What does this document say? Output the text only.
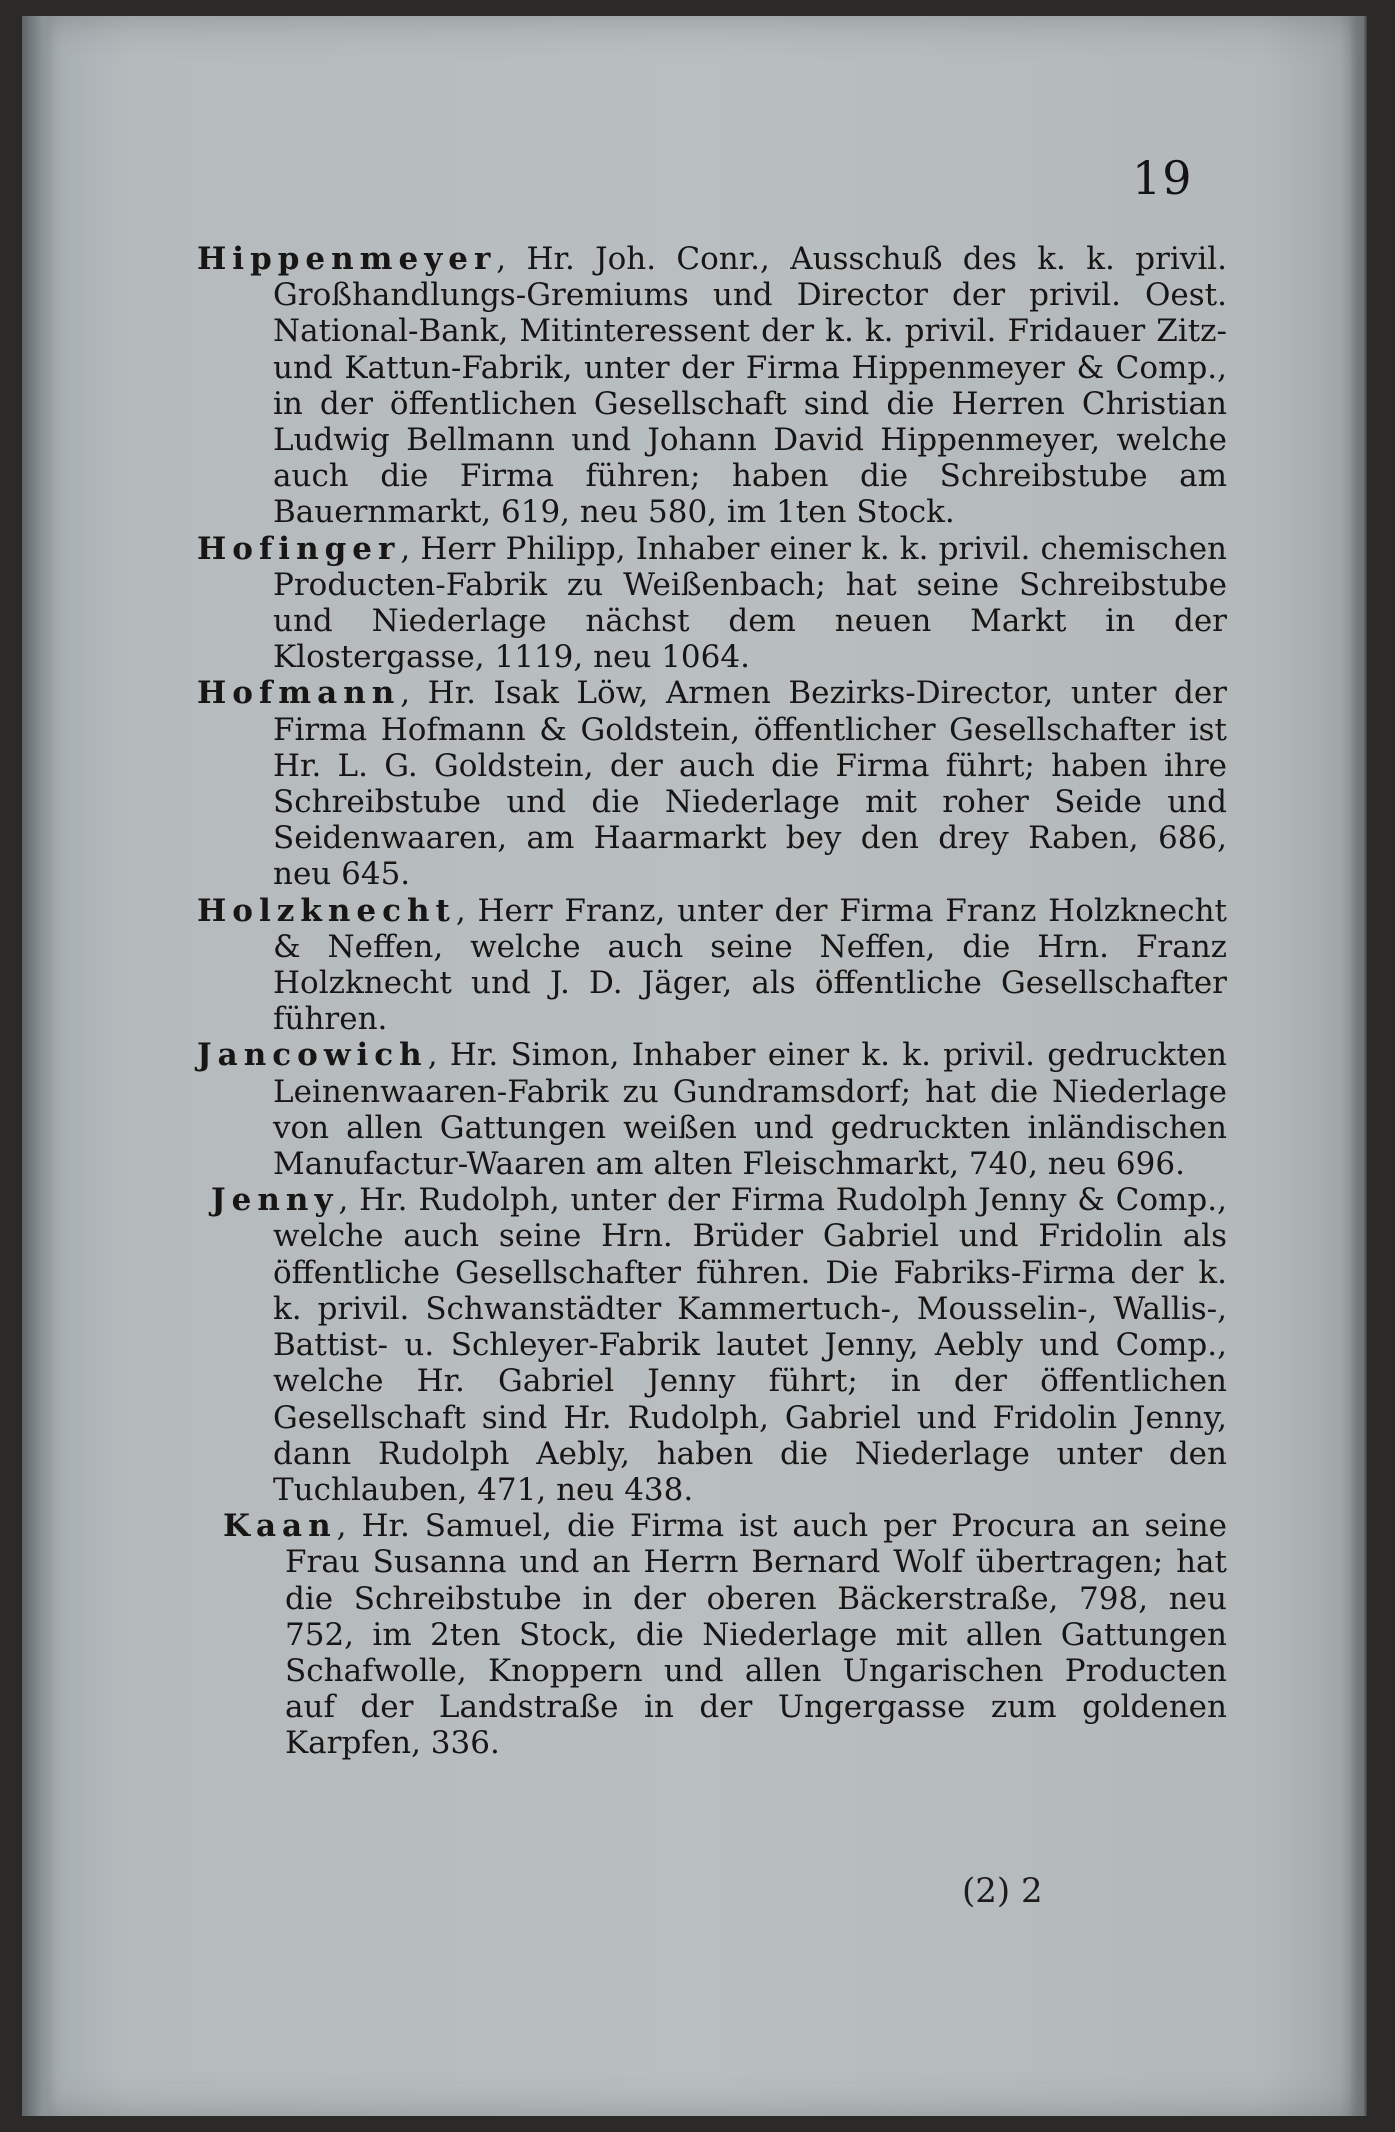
19

Hippenmeyer, Hr. Joh. Conr., Ausschuß des k. k. privil. Großhandlungs-Gremiums und Director der privil. Oest. National-Bank, Mitinteressent der k. k. privil. Fridauer Zitz- und Kattun-Fabrik, unter der Firma Hippenmeyer & Comp., in der öffentlichen Gesellschaft sind die Herren Christian Ludwig Bellmann und Johann David Hippenmeyer, welche auch die Firma führen; haben die Schreibstube am Bauernmarkt, 619, neu 580, im 1ten Stock.

Hofinger, Herr Philipp, Inhaber einer k. k. privil. chemischen Producten-Fabrik zu Weißenbach; hat seine Schreibstube und Niederlage nächst dem neuen Markt in der Klostergasse, 1119, neu 1064.

Hofmann, Hr. Isak Löw, Armen Bezirks-Director, unter der Firma Hofmann & Goldstein, öffentlicher Gesellschafter ist Hr. L. G. Goldstein, der auch die Firma führt; haben ihre Schreibstube und die Niederlage mit roher Seide und Seidenwaaren, am Haarmarkt bey den drey Raben, 686, neu 645.

Holzknecht, Herr Franz, unter der Firma Franz Holzknecht & Neffen, welche auch seine Neffen, die Hrn. Franz Holzknecht und J. D. Jäger, als öffentliche Gesellschafter führen.

Jancowich, Hr. Simon, Inhaber einer k. k. privil. gedruckten Leinenwaaren-Fabrik zu Gundramsdorf; hat die Niederlage von allen Gattungen weißen und gedruckten inländischen Manufactur-Waaren am alten Fleischmarkt, 740, neu 696.

Jenny, Hr. Rudolph, unter der Firma Rudolph Jenny & Comp., welche auch seine Hrn. Brüder Gabriel und Fridolin als öffentliche Gesellschafter führen. Die Fabriks-Firma der k. k. privil. Schwanstädter Kammertuch-, Mousselin-, Wallis-, Battist- u. Schleyer-Fabrik lautet Jenny, Aebly und Comp., welche Hr. Gabriel Jenny führt; in der öffentlichen Gesellschaft sind Hr. Rudolph, Gabriel und Fridolin Jenny, dann Rudolph Aebly, haben die Niederlage unter den Tuchlauben, 471, neu 438.

Kaan, Hr. Samuel, die Firma ist auch per Procura an seine Frau Susanna und an Herrn Bernard Wolf übertragen; hat die Schreibstube in der oberen Bäckerstraße, 798, neu 752, im 2ten Stock, die Niederlage mit allen Gattungen Schafwolle, Knoppern und allen Ungarischen Producten auf der Landstraße in der Ungergasse zum goldenen Karpfen, 336.

(2) 2
